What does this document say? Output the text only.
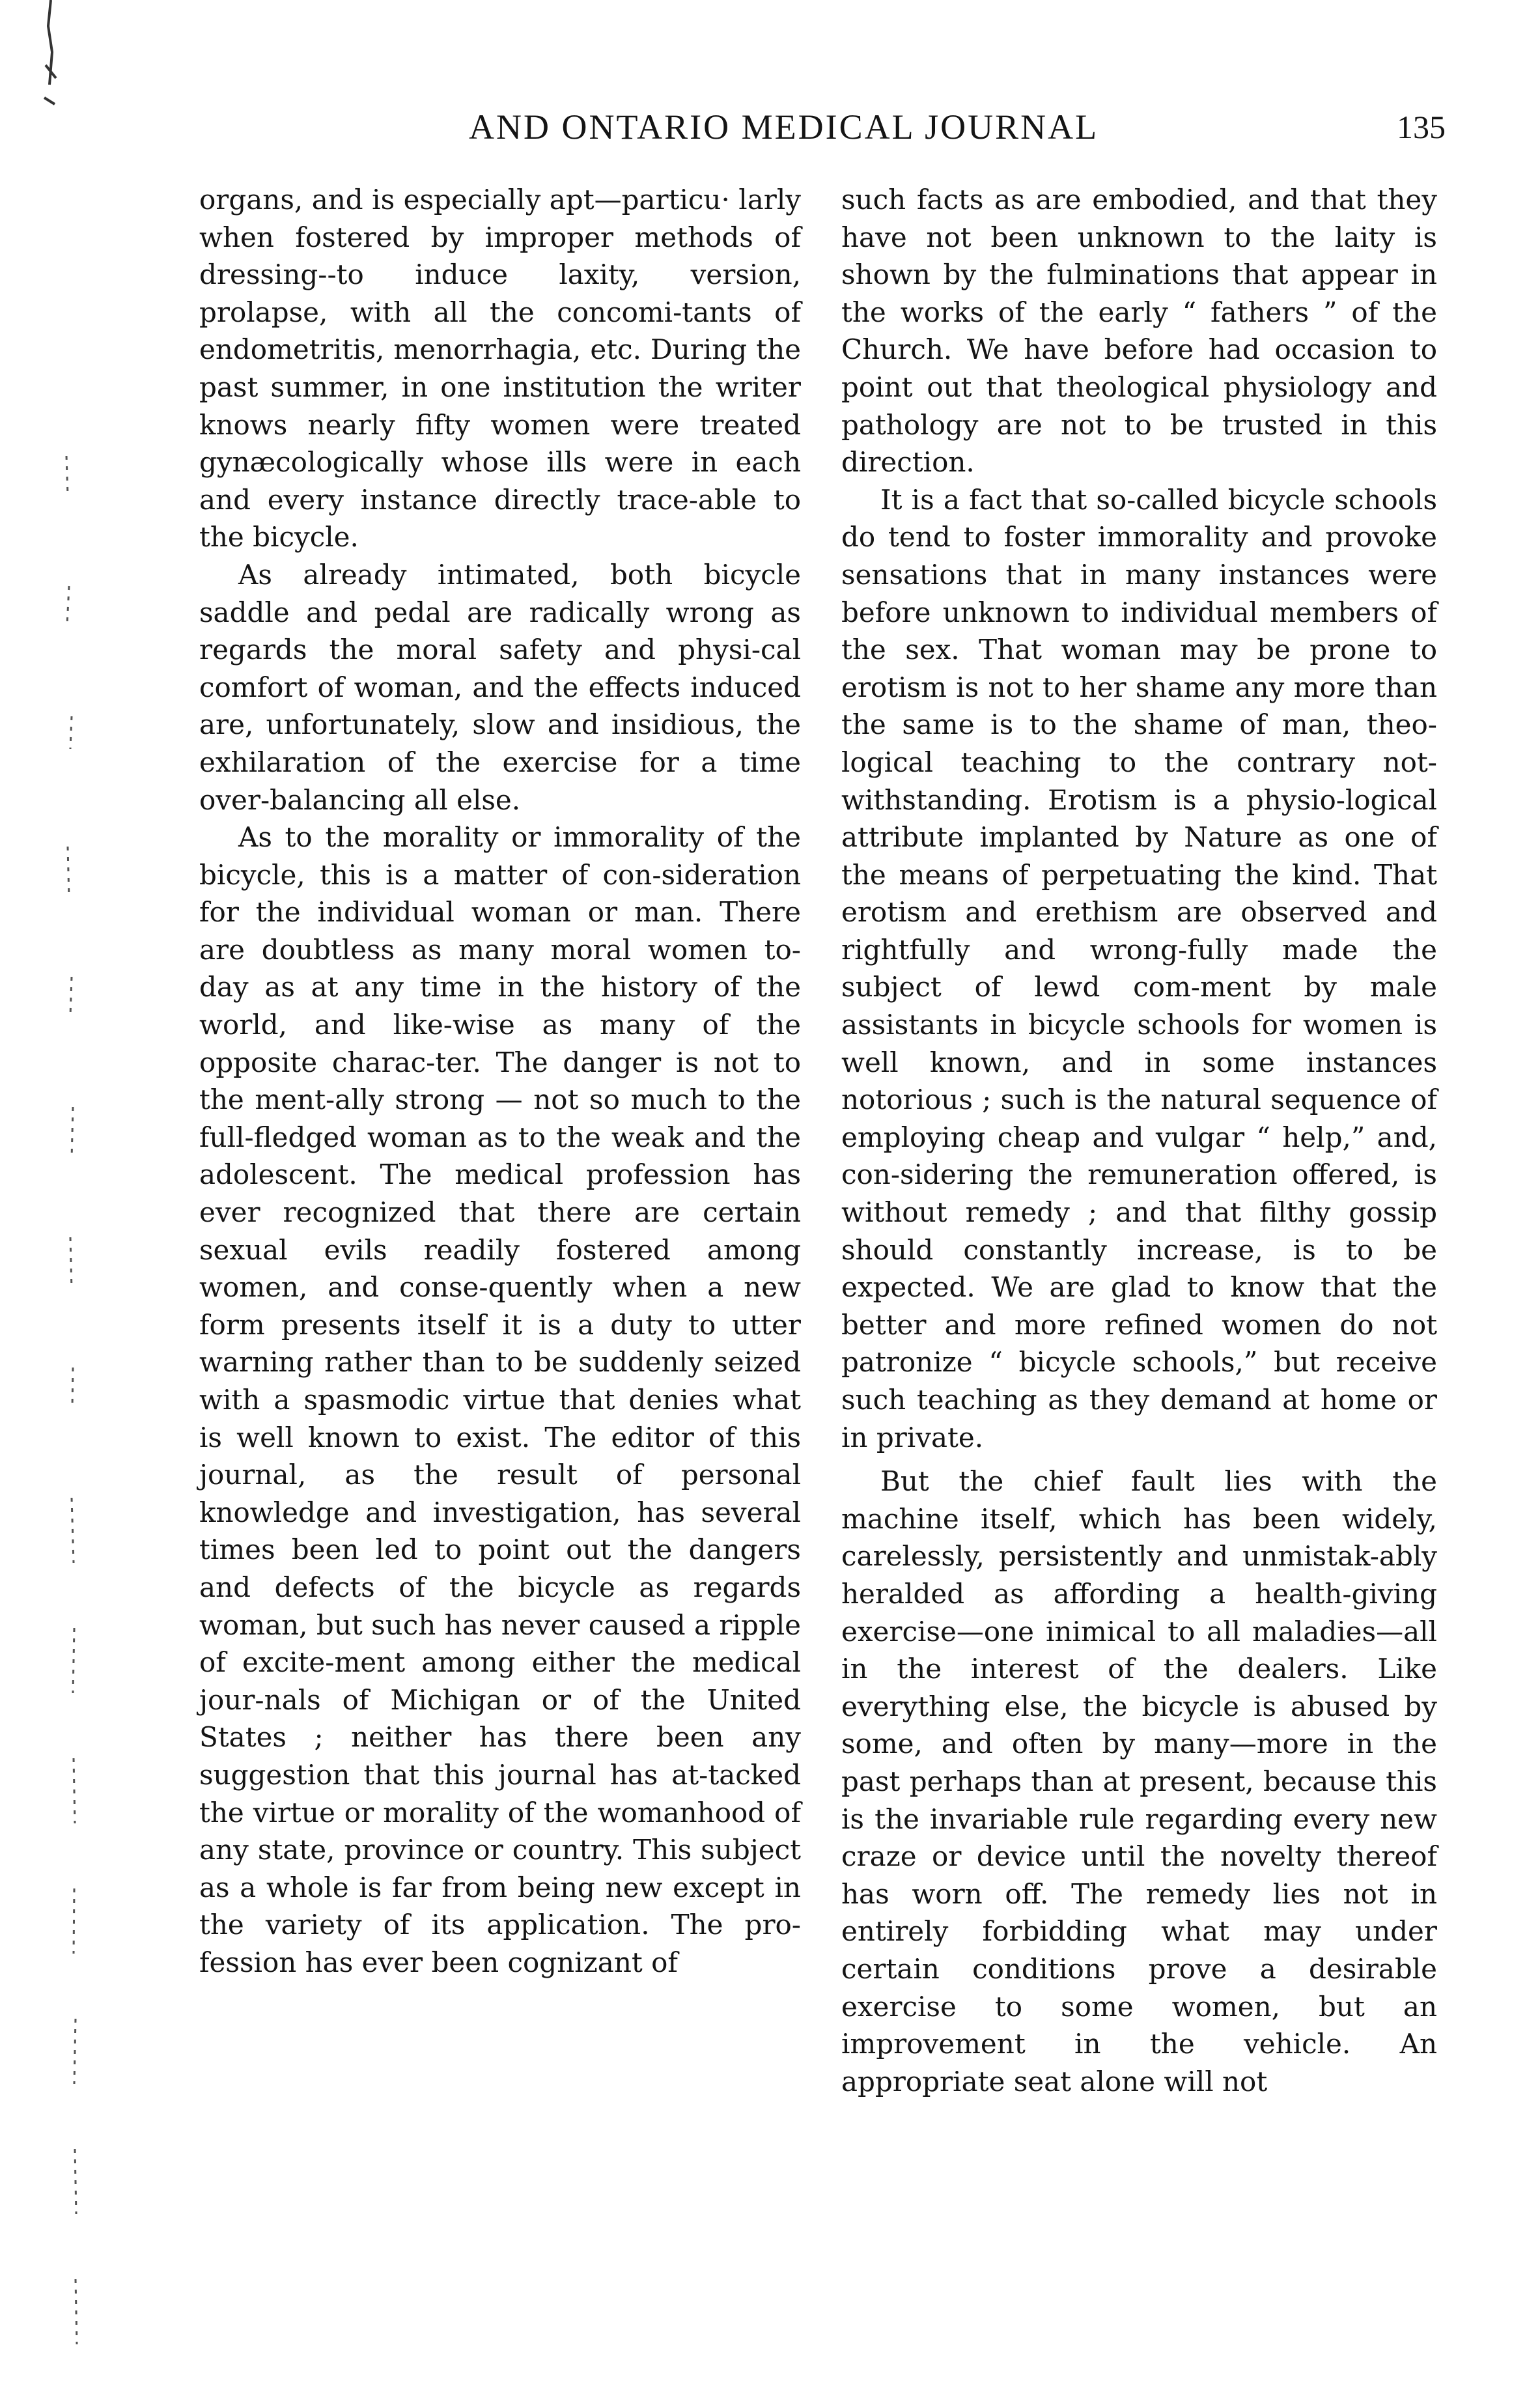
AND ONTARIO MEDICAL JOURNAL	135

organs, and is especially apt—particu· larly when fostered by improper methods of dressing--to induce laxity, version, prolapse, with all the concomi-tants of endometritis, menorrhagia, etc. During the past summer, in one institution the writer knows nearly fifty women were treated gynæcologically whose ills were in each and every instance directly trace-able to the bicycle.

As already intimated, both bicycle saddle and pedal are radically wrong as regards the moral safety and physi-cal comfort of woman, and the effects induced are, unfortunately, slow and insidious, the exhilaration of the exercise for a time over-balancing all else.

As to the morality or immorality of the bicycle, this is a matter of con-sideration for the individual woman or man. There are doubtless as many moral women to-day as at any time in the history of the world, and like-wise as many of the opposite charac-ter. The danger is not to the ment-ally strong — not so much to the full-fledged woman as to the weak and the adolescent. The medical profession has ever recognized that there are certain sexual evils readily fostered among women, and conse-quently when a new form presents itself it is a duty to utter warning rather than to be suddenly seized with a spasmodic virtue that denies what is well known to exist. The editor of this journal, as the result of personal knowledge and investigation, has several times been led to point out the dangers and defects of the bicycle as regards woman, but such has never caused a ripple of excite-ment among either the medical jour-nals of Michigan or of the United States ; neither has there been any suggestion that this journal has at-tacked the virtue or morality of the womanhood of any state, province or country. This subject as a whole is far from being new except in the variety of its application. The pro-fession has ever been cognizant of

such facts as are embodied, and that they have not been unknown to the laity is shown by the fulminations that appear in the works of the early “ fathers ” of the Church. We have before had occasion to point out that theological physiology and pathology are not to be trusted in this direction.

It is a fact that so-called bicycle schools do tend to foster immorality and provoke sensations that in many instances were before unknown to individual members of the sex. That woman may be prone to erotism is not to her shame any more than the same is to the shame of man, theo-logical teaching to the contrary not-withstanding. Erotism is a physio-logical attribute implanted by Nature as one of the means of perpetuating the kind. That erotism and erethism are observed and rightfully and wrong-fully made the subject of lewd com-ment by male assistants in bicycle schools for women is well known, and in some instances notorious ; such is the natural sequence of employing cheap and vulgar “ help,” and, con-sidering the remuneration offered, is without remedy ; and that filthy gossip should constantly increase, is to be expected. We are glad to know that the better and more refined women do not patronize “ bicycle schools,” but receive such teaching as they demand at home or in private.

But the chief fault lies with the machine itself, which has been widely, carelessly, persistently and unmistak-ably heralded as affording a health-giving exercise—one inimical to all maladies—all in the interest of the dealers. Like everything else, the bicycle is abused by some, and often by many—more in the past perhaps than at present, because this is the invariable rule regarding every new craze or device until the novelty thereof has worn off. The remedy lies not in entirely forbidding what may under certain conditions prove a desirable exercise to some women, but an improvement in the vehicle. An appropriate seat alone will not
